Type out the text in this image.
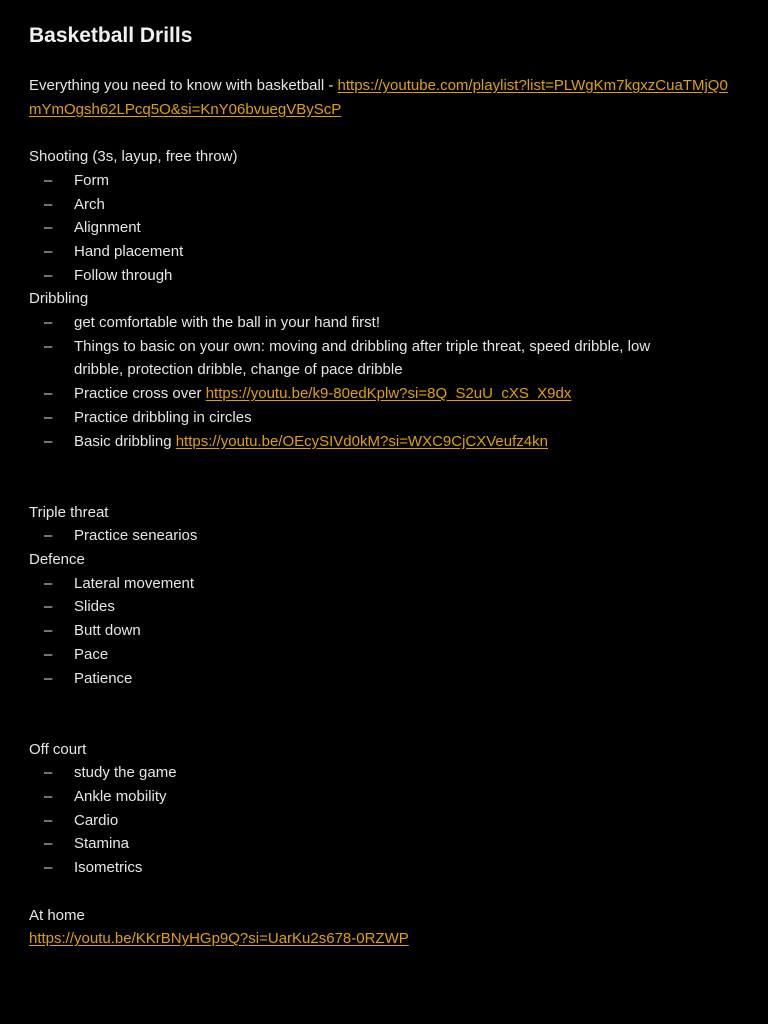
Basketball Drills

Everything you need to know with basketball - https://youtube.com/playlist?list=PLWgKm7kgxzCuaTMjQ0mYmOgsh62LPcq5O&si=KnY06bvuegVByScP

Shooting (3s, layup, free throw)
– Form
– Arch
– Alignment
– Hand placement
– Follow through
Dribbling
– get comfortable with the ball in your hand first!
– Things to basic on your own: moving and dribbling after triple threat, speed dribble, low dribble, protection dribble, change of pace dribble
– Practice cross over https://youtu.be/k9-80edKplw?si=8Q_S2uU_cXS_X9dx
– Practice dribbling in circles
– Basic dribbling https://youtu.be/OEcySIVd0kM?si=WXC9CjCXVeufz4kn
Triple threat
– Practice senearios
Defence
– Lateral movement
– Slides
– Butt down
– Pace
– Patience
Off court
– study the game
– Ankle mobility
– Cardio
– Stamina
– Isometrics
At home
https://youtu.be/KKrBNyHGp9Q?si=UarKu2s678-0RZWP
